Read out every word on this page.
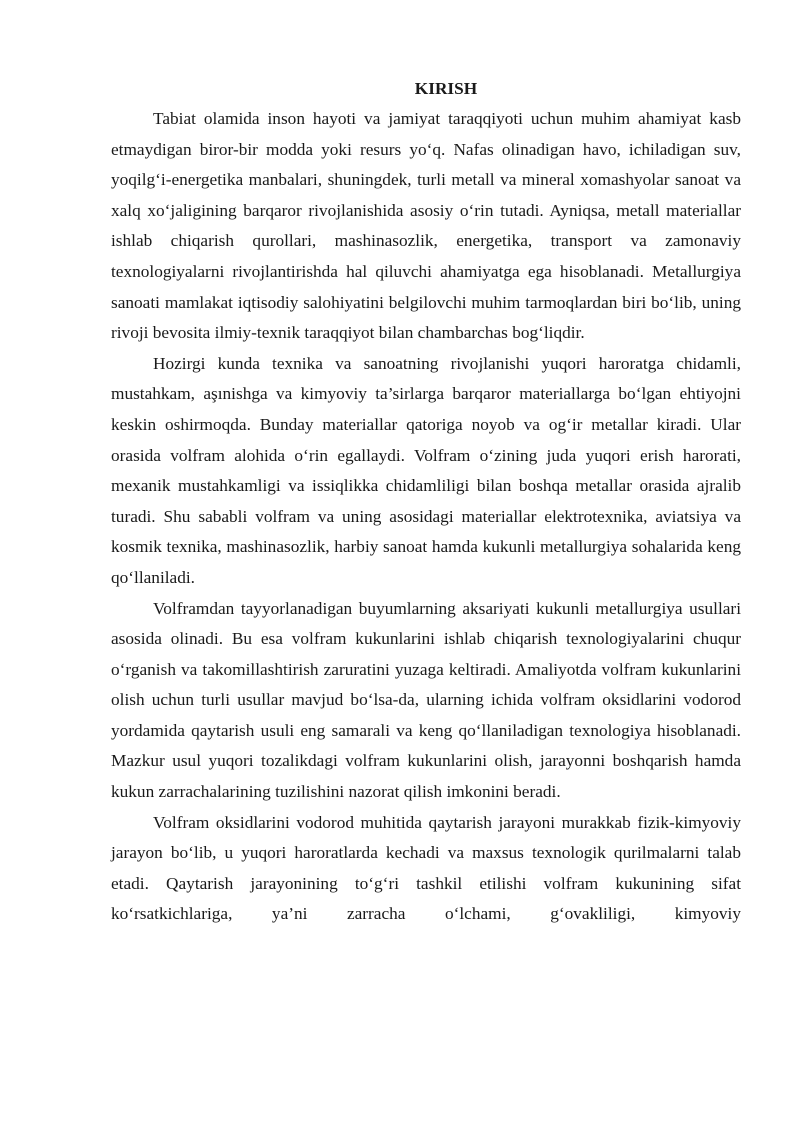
KIRISH

Tabiat olamida inson hayoti va jamiyat taraqqiyoti uchun muhim ahamiyat kasb etmaydigan biror-bir modda yoki resurs yoʻq. Nafas olinadigan havo, ichiladigan suv, yoqilgʻi-energetika manbalari, shuningdek, turli metall va mineral xomashyolar sanoat va xalq xoʻjaligining barqaror rivojlanishida asosiy oʻrin tutadi. Ayniqsa, metall materiallar ishlab chiqarish qurollari, mashinasozlik, energetika, transport va zamonaviy texnologiyalarni rivojlantirishda hal qiluvchi ahamiyatga ega hisoblanadi. Metallurgiya sanoati mamlakat iqtisodiy salohiyatini belgilovchi muhim tarmoqlardan biri boʻlib, uning rivoji bevosita ilmiy-texnik taraqqiyot bilan chambarchas bogʻliqdir.

Hozirgi kunda texnika va sanoatning rivojlanishi yuqori haroratga chidamli, mustahkam, aşınishga va kimyoviy ta’sirlarga barqaror materiallarga boʻlgan ehtiyojni keskin oshirmoqda. Bunday materiallar qatoriga noyob va ogʻir metallar kiradi. Ular orasida volfram alohida oʻrin egallaydi. Volfram oʻzining juda yuqori erish harorati, mexanik mustahkamligi va issiqlikka chidamliligi bilan boshqa metallar orasida ajralib turadi. Shu sababli volfram va uning asosidagi materiallar elektrotexnika, aviatsiya va kosmik texnika, mashinasozlik, harbiy sanoat hamda kukunli metallurgiya sohalarida keng qoʻllaniladi.

Volframdan tayyorlanadigan buyumlarning aksariyati kukunli metallurgiya usullari asosida olinadi. Bu esa volfram kukunlarini ishlab chiqarish texnologiyalarini chuqur oʻrganish va takomillashtirish zaruratini yuzaga keltiradi. Amaliyotda volfram kukunlarini olish uchun turli usullar mavjud boʻlsa-da, ularning ichida volfram oksidlarini vodorod yordamida qaytarish usuli eng samarali va keng qoʻllaniladigan texnologiya hisoblanadi. Mazkur usul yuqori tozalikdagi volfram kukunlarini olish, jarayonni boshqarish hamda kukun zarrachalarining tuzilishini nazorat qilish imkonini beradi.

Volfram oksidlarini vodorod muhitida qaytarish jarayoni murakkab fizik-kimyoviy jarayon boʻlib, u yuqori haroratlarda kechadi va maxsus texnologik qurilmalarni talab etadi. Qaytarish jarayonining toʻgʻri tashkil etilishi volfram kukunining sifat koʻrsatkichlariga, ya’ni zarracha oʻlchami, gʻovakliligi, kimyoviy
